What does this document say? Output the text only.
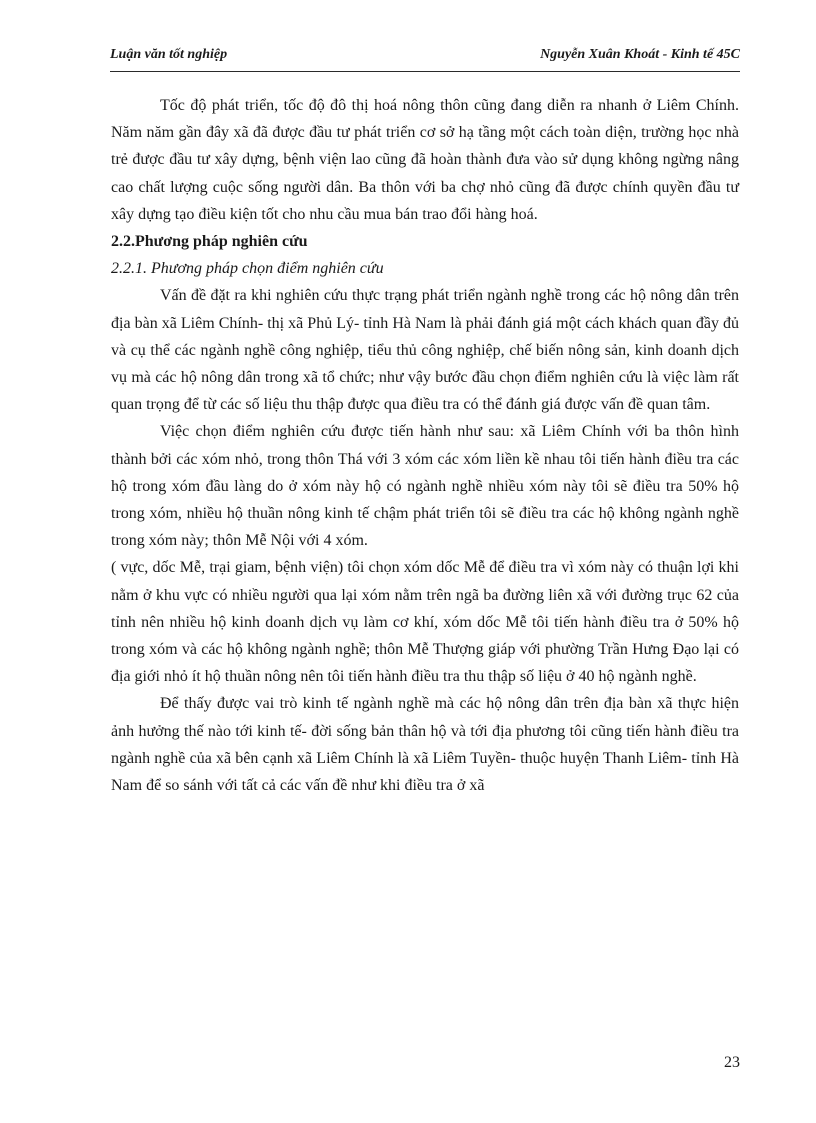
Luận văn tốt nghiệp	Nguyễn Xuân Khoát - Kinh tế 45C

Tốc độ phát triển, tốc độ đô thị hoá nông thôn cũng đang diễn ra nhanh ở Liêm Chính. Năm năm gần đây xã đã được đầu tư phát triển cơ sở hạ tầng một cách toàn diện, trường học nhà trẻ được đầu tư xây dựng, bệnh viện lao cũng đã hoàn thành đưa vào sử dụng không ngừng nâng cao chất lượng cuộc sống người dân. Ba thôn với ba chợ nhỏ cũng đã được chính quyền đầu tư xây dựng tạo điều kiện tốt cho nhu cầu mua bán trao đổi hàng hoá.

2.2.Phương pháp nghiên cứu

2.2.1. Phương pháp chọn điểm nghiên cứu

Vấn đề đặt ra khi nghiên cứu thực trạng phát triển ngành nghề trong các hộ nông dân trên địa bàn xã Liêm Chính- thị xã Phủ Lý- tỉnh Hà Nam là phải đánh giá một cách khách quan đầy đủ và cụ thể các ngành nghề công nghiệp, tiểu thủ công nghiệp, chế biến nông sản, kinh doanh dịch vụ mà các hộ nông dân trong xã tổ chức; như vậy bước đầu chọn điểm nghiên cứu là việc làm rất quan trọng để từ các số liệu thu thập được qua điều tra có thể đánh giá được vấn đề quan tâm.

Việc chọn điểm nghiên cứu được tiến hành như sau: xã Liêm Chính với ba thôn hình thành bởi các xóm nhỏ, trong thôn Thá với 3 xóm các xóm liền kề nhau tôi tiến hành điều tra các hộ trong xóm đầu làng do ở xóm này hộ có ngành nghề nhiều xóm này tôi sẽ điều tra 50% hộ trong xóm, nhiều hộ thuần nông kinh tế chậm phát triển tôi sẽ điều tra các hộ không ngành nghề trong xóm này; thôn Mễ Nội với 4 xóm.

( vực, dốc Mễ, trại giam, bệnh viện) tôi chọn xóm dốc Mễ để điều tra vì xóm này có thuận lợi khi nằm ở khu vực có nhiều người qua lại xóm nằm trên ngã ba đường liên xã với đường trục 62 của tỉnh nên nhiều hộ kinh doanh dịch vụ làm cơ khí, xóm dốc Mễ tôi tiến hành điều tra ở 50% hộ trong xóm và các hộ không ngành nghề; thôn Mễ Thượng giáp với phường Trần Hưng Đạo lại có địa giới nhỏ ít hộ thuần nông nên tôi tiến hành điều tra thu thập số liệu ở 40 hộ ngành nghề.

Để thấy được vai trò kinh tế ngành nghề mà các hộ nông dân trên địa bàn xã thực hiện ảnh hưởng thế nào tới kinh tế- đời sống bản thân hộ và tới địa phương tôi cũng tiến hành điều tra ngành nghề của xã bên cạnh xã Liêm Chính là xã Liêm Tuyền- thuộc huyện Thanh Liêm- tỉnh Hà Nam để so sánh với tất cả các vấn đề như khi điều tra ở xã

23
